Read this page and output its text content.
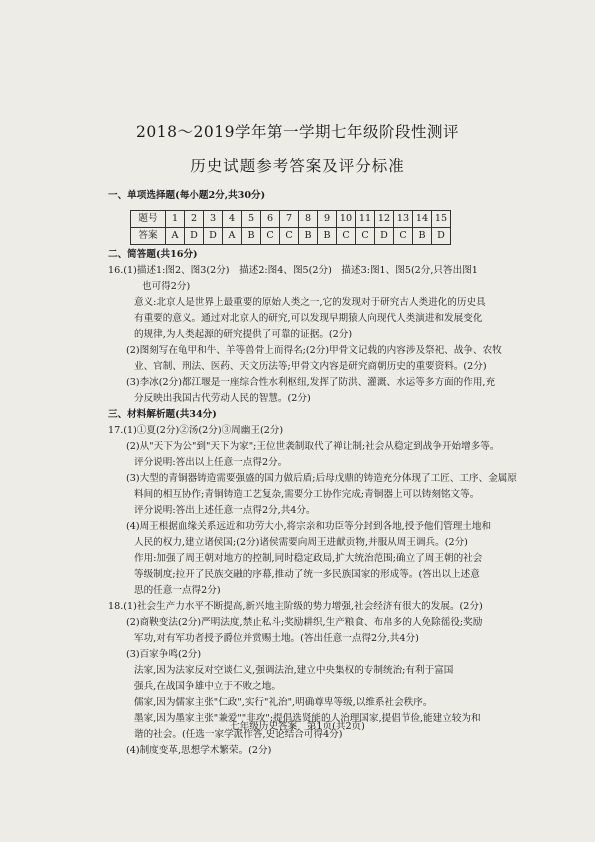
2018～2019学年第一学期七年级阶段性测评
历史试题参考答案及评分标准
一、单项选择题(每小题2分,共30分)
题号	1	2	3	4	5	6	7	8	9	10	11	12	13	14	15
答案	A	D	D	A	B	C	C	B	B	C	C	D	C	B	D
二、简答题(共16分)
16.(1)描述1:图2、图3(2分)　描述2:图4、图5(2分)　描述3:图1、图5(2分,只答出图1
也可得2分)
意义:北京人是世界上最重要的原始人类之一,它的发现对于研究古人类进化的历史具
有重要的意义。通过对北京人的研究,可以发现早期猿人向现代人类演进和发展变化
的规律,为人类起源的研究提供了可靠的证据。(2分)
(2)图刻写在龟甲和牛、羊等兽骨上而得名;(2分)甲骨文记载的内容涉及祭祀、战争、农牧
业、官制、刑法、医药、天文历法等;甲骨文内容是研究商朝历史的重要资料。(2分)
(3)李冰(2分)都江堰是一座综合性水利枢纽,发挥了防洪、灌溉、水运等多方面的作用,充
分反映出我国古代劳动人民的智慧。(2分)
三、材料解析题(共34分)
17.(1)①夏(2分)②汤(2分)③周幽王(2分)
(2)从"天下为公"到"天下为家";王位世袭制取代了禅让制;社会从稳定到战争开始增多等。
评分说明:答出以上任意一点得2分。
(3)大型的青铜器铸造需要强盛的国力做后盾;后母戊鼎的铸造充分体现了工匠、工序、金属原
料间的相互协作;青铜铸造工艺复杂,需要分工协作完成;青铜器上可以铸刻铭文等。
评分说明:答出上述任意一点得2分,共4分。
(4)周王根据血缘关系远近和功劳大小,将宗亲和功臣等分封到各地,授予他们管理土地和
人民的权力,建立诸侯国;(2分)诸侯需要向周王进献贡物,并服从周王调兵。(2分)
作用:加强了周王朝对地方的控制,同时稳定政局,扩大统治范围;确立了周王朝的社会
等级制度;拉开了民族交融的序幕,推动了统一多民族国家的形成等。(答出以上述意
思的任意一点得2分)
18.(1)社会生产力水平不断提高,新兴地主阶级的势力增强,社会经济有很大的发展。(2分)
(2)商鞅变法(2分)严明法度,禁止私斗;奖励耕织,生产粮食、布帛多的人免除徭役;奖励
军功,对有军功者授予爵位并赏赐土地。(答出任意一点得2分,共4分)
(3)百家争鸣(2分)
法家,因为法家反对空谈仁义,强调法治,建立中央集权的专制统治;有利于富国
强兵,在战国争雄中立于不败之地。
儒家,因为儒家主张"仁政",实行"礼治",明确尊卑等级,以维系社会秩序。
墨家,因为墨家主张"兼爱""非攻";提倡选贤能的人治理国家,提倡节俭,能建立较为和
谐的社会。(任选一家学派作答,史论结合可得4分)
(4)制度变革,思想学术繁荣。(2分)
七年级历史答案　第1页(共2页)
